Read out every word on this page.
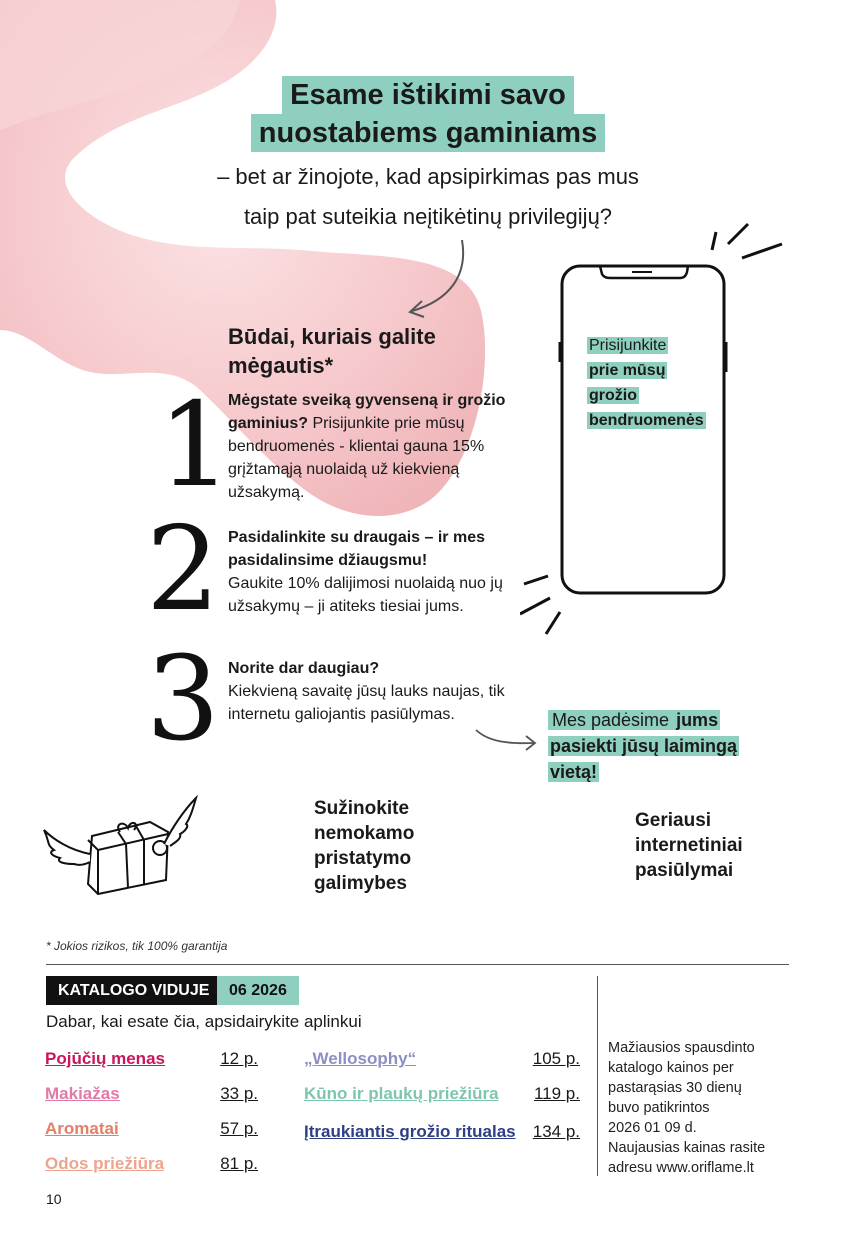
Esame ištikimi savo
nuostabiems gaminiams
– bet ar žinojote, kad apsipirkimas pas mus
taip pat suteikia neįtikėtinų privilegijų?
Būdai, kuriais galite
mėgautis*
1
Mėgstate sveiką gyvenseną ir grožio gaminius? Prisijunkite prie mūsų bendruomenės - klientai gauna 15% grįžtamąją nuolaidą už kiekvieną užsakymą.
2 Pasidalinkite su draugais – ir mes pasidalinsime džiaugsmu!
Gaukite 10% dalijimosi nuolaidą nuo jų užsakymų – ji atiteks tiesiai jums.
3 Norite dar daugiau?
Kiekvieną savaitę jūsų lauks naujas, tik internetu galiojantis pasiūlymas.
Prisijunkite
prie mūsų
grožio
bendruomenės
Mes padėsime jums
pasiekti jūsų laimingą
vietą!
Sužinokite
nemokamo
pristatymo
galimybes
Geriausi
internetiniai
pasiūlymai
* Jokios rizikos, tik 100% garantija
KATALOGO VIDUJE	06 2026
Dabar, kai esate čia, apsidairykite aplinkui
Pojūčių menas	12 p.
Makiažas	33 p.
Aromatai	57 p.
Odos priežiūra	81 p.
„Wellosophy“	105 p.
Kūno ir plaukų priežiūra	119 p.
Įtraukiantis grožio ritualas	134 p.
Mažiausios spausdinto
katalogo kainos per
pastarąsias 30 dienų
buvo patikrintos
2026 01 09 d.
Naujausias kainas rasite
adresu www.oriflame.lt
10
